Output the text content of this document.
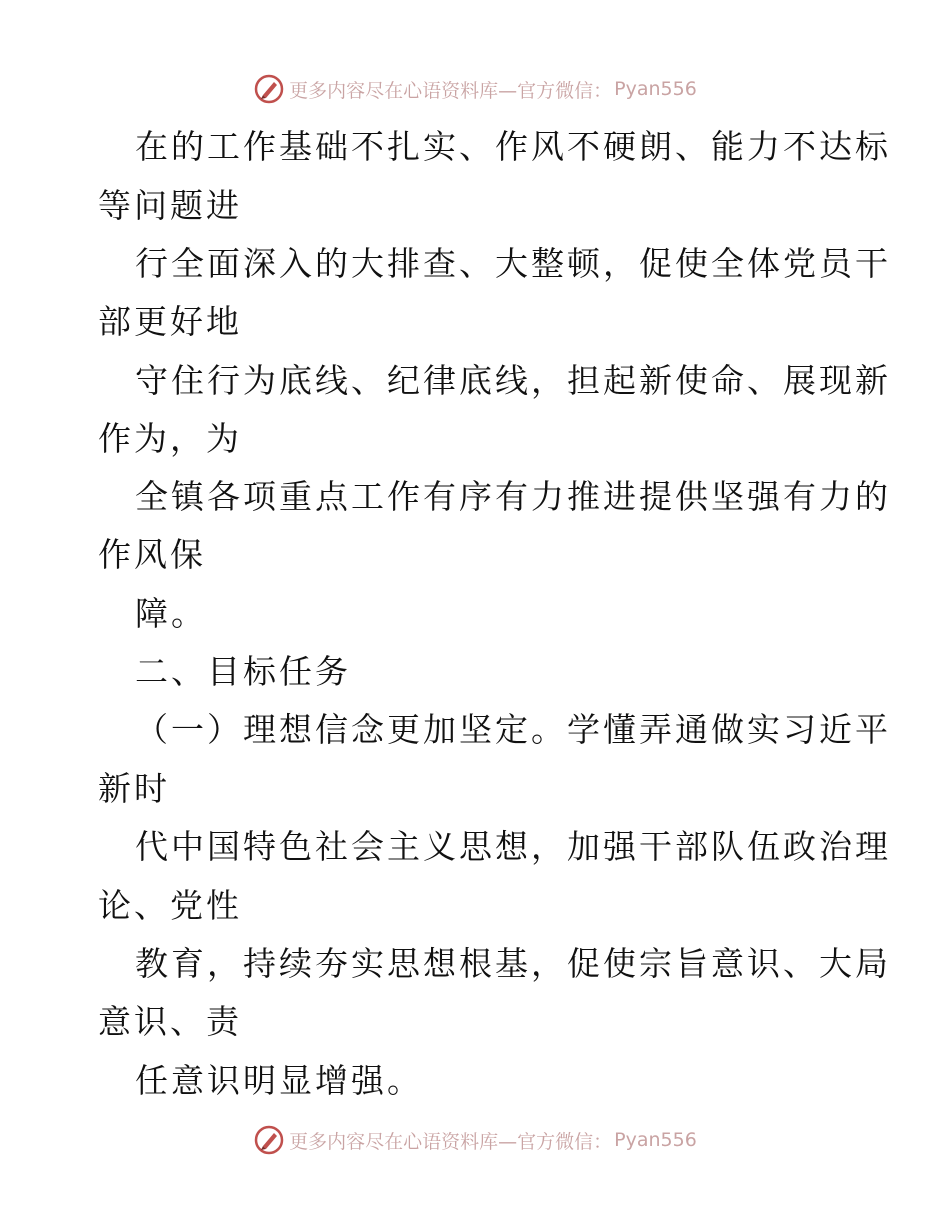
更多内容尽在心语资料库—官方微信： Pyan556
在的工作基础不扎实、作风不硬朗、能力不达标
等问题进
行全面深入的大排查、大整顿，促使全体党员干
部更好地
守住行为底线、纪律底线，担起新使命、展现新
作为，为
全镇各项重点工作有序有力推进提供坚强有力的
作风保
障。
二、目标任务
（一）理想信念更加坚定。学懂弄通做实习近平
新时
代中国特色社会主义思想，加强干部队伍政治理
论、党性
教育，持续夯实思想根基，促使宗旨意识、大局
意识、责
任意识明显增强。
更多内容尽在心语资料库—官方微信： Pyan556
